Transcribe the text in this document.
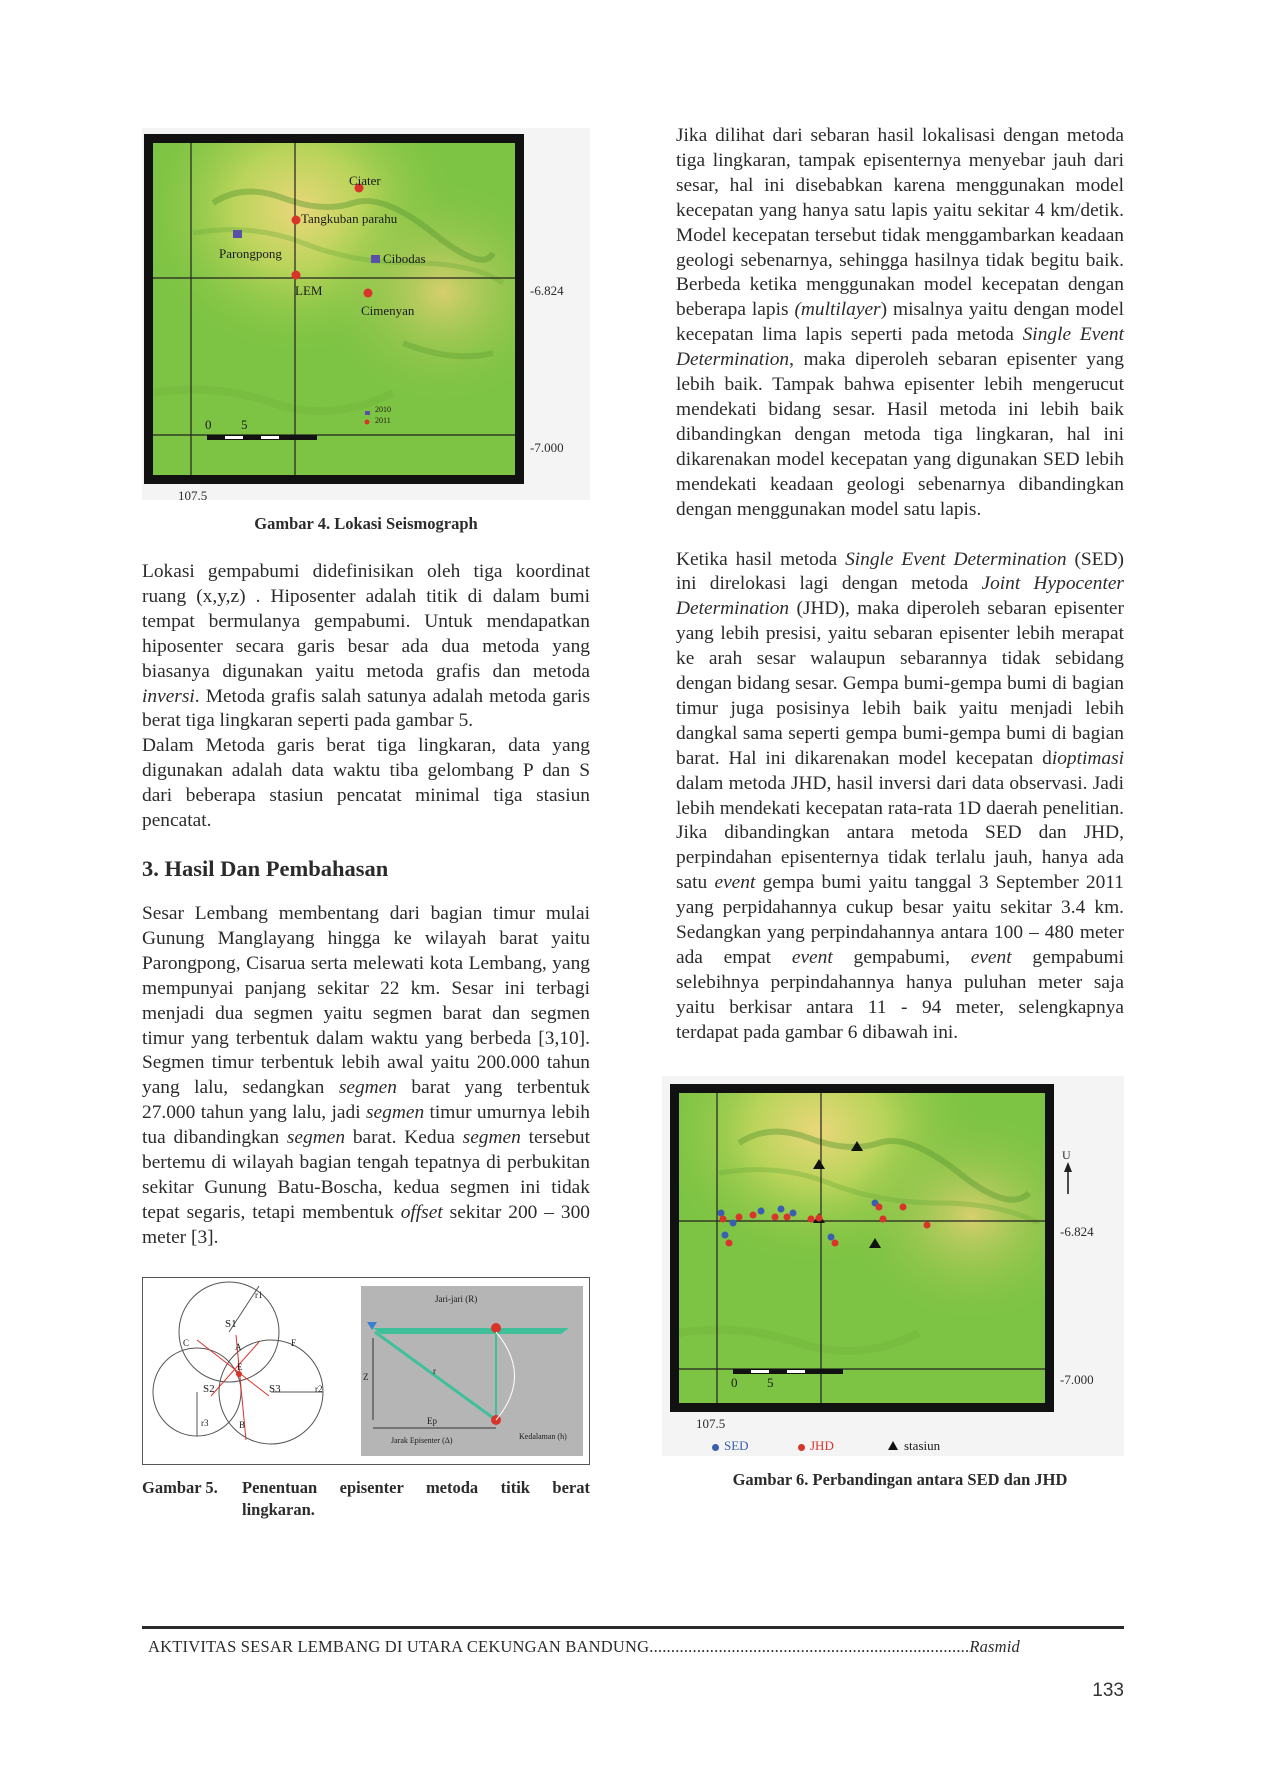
Ciater
Tangkuban parahu
Parongpong	Cibodas
LEM
Cimenyan
0 5
2010
2011
-6.824
-7.000
107.5
Gambar 4. Lokasi Seismograph

Lokasi gempabumi didefinisikan oleh tiga koordinat ruang (x,y,z) . Hiposenter adalah titik di dalam bumi tempat bermulanya gempabumi. Untuk mendapatkan hiposenter secara garis besar ada dua metoda yang biasanya digunakan yaitu metoda grafis dan metoda inversi. Metoda grafis salah satunya adalah metoda garis berat tiga lingkaran seperti pada gambar 5.

Dalam Metoda garis berat tiga lingkaran, data yang digunakan adalah data waktu tiba gelombang P dan S dari beberapa stasiun pencatat minimal tiga stasiun pencatat.

3. Hasil Dan Pembahasan

Sesar Lembang membentang dari bagian timur mulai Gunung Manglayang hingga ke wilayah barat yaitu Parongpong, Cisarua serta melewati kota Lembang, yang mempunyai panjang sekitar 22 km. Sesar ini terbagi menjadi dua segmen yaitu segmen barat dan segmen timur yang terbentuk dalam waktu yang berbeda [3,10]. Segmen timur terbentuk lebih awal yaitu 200.000 tahun yang lalu, sedangkan segmen barat yang terbentuk 27.000 tahun yang lalu, jadi segmen timur umurnya lebih tua dibandingkan segmen barat. Kedua segmen tersebut bertemu di wilayah bagian tengah tepatnya di perbukitan sekitar Gunung Batu-Boscha, kedua segmen ini tidak tepat segaris, tetapi membentuk offset sekitar 200 – 300 meter [3].

S1
S2	S3
r1
r2
r3
C	A
B
E
F
Jari-jari (R)
Z
r
Ep
Jarak Episenter (Δ)	Kedalaman (h)
Gambar 5.	Penentuan episenter metoda titik berat lingkaran.

Jika dilihat dari sebaran hasil lokalisasi dengan metoda tiga lingkaran, tampak episenternya menyebar jauh dari sesar, hal ini disebabkan karena menggunakan model kecepatan yang hanya satu lapis yaitu sekitar 4 km/detik. Model kecepatan tersebut tidak menggambarkan keadaan geologi sebenarnya, sehingga hasilnya tidak begitu baik. Berbeda ketika menggunakan model kecepatan dengan beberapa lapis (multilayer) misalnya yaitu dengan model kecepatan lima lapis seperti pada metoda Single Event Determination, maka diperoleh sebaran episenter yang lebih baik. Tampak bahwa episenter lebih mengerucut mendekati bidang sesar. Hasil metoda ini lebih baik dibandingkan dengan metoda tiga lingkaran, hal ini dikarenakan model kecepatan yang digunakan SED lebih mendekati keadaan geologi sebenarnya dibandingkan dengan menggunakan model satu lapis.

Ketika hasil metoda Single Event Determination (SED) ini direlokasi lagi dengan metoda Joint Hypocenter Determination (JHD), maka diperoleh sebaran episenter yang lebih presisi, yaitu sebaran episenter lebih merapat ke arah sesar walaupun sebarannya tidak sebidang dengan bidang sesar. Gempa bumi-gempa bumi di bagian timur juga posisinya lebih baik yaitu menjadi lebih dangkal sama seperti gempa bumi-gempa bumi di bagian barat. Hal ini dikarenakan model kecepatan dioptimasi dalam metoda JHD, hasil inversi dari data observasi. Jadi lebih mendekati kecepatan rata-rata 1D daerah penelitian. Jika dibandingkan antara metoda SED dan JHD, perpindahan episenternya tidak terlalu jauh, hanya ada satu event gempa bumi yaitu tanggal 3 September 2011 yang perpidahannya cukup besar yaitu sekitar 3.4 km. Sedangkan yang perpindahannya antara 100 – 480 meter ada empat event gempabumi, event gempabumi selebihnya perpindahannya hanya puluhan meter saja yaitu berkisar antara 11 - 94 meter, selengkapnya terdapat pada gambar 6 dibawah ini.

0 5
U
-6.824
-7.000
107.5
SED	JHD	stasiun
Gambar 6. Perbandingan antara SED dan JHD
AKTIVITAS SESAR LEMBANG DI UTARA CEKUNGAN BANDUNG..........................................................................Rasmid
133
